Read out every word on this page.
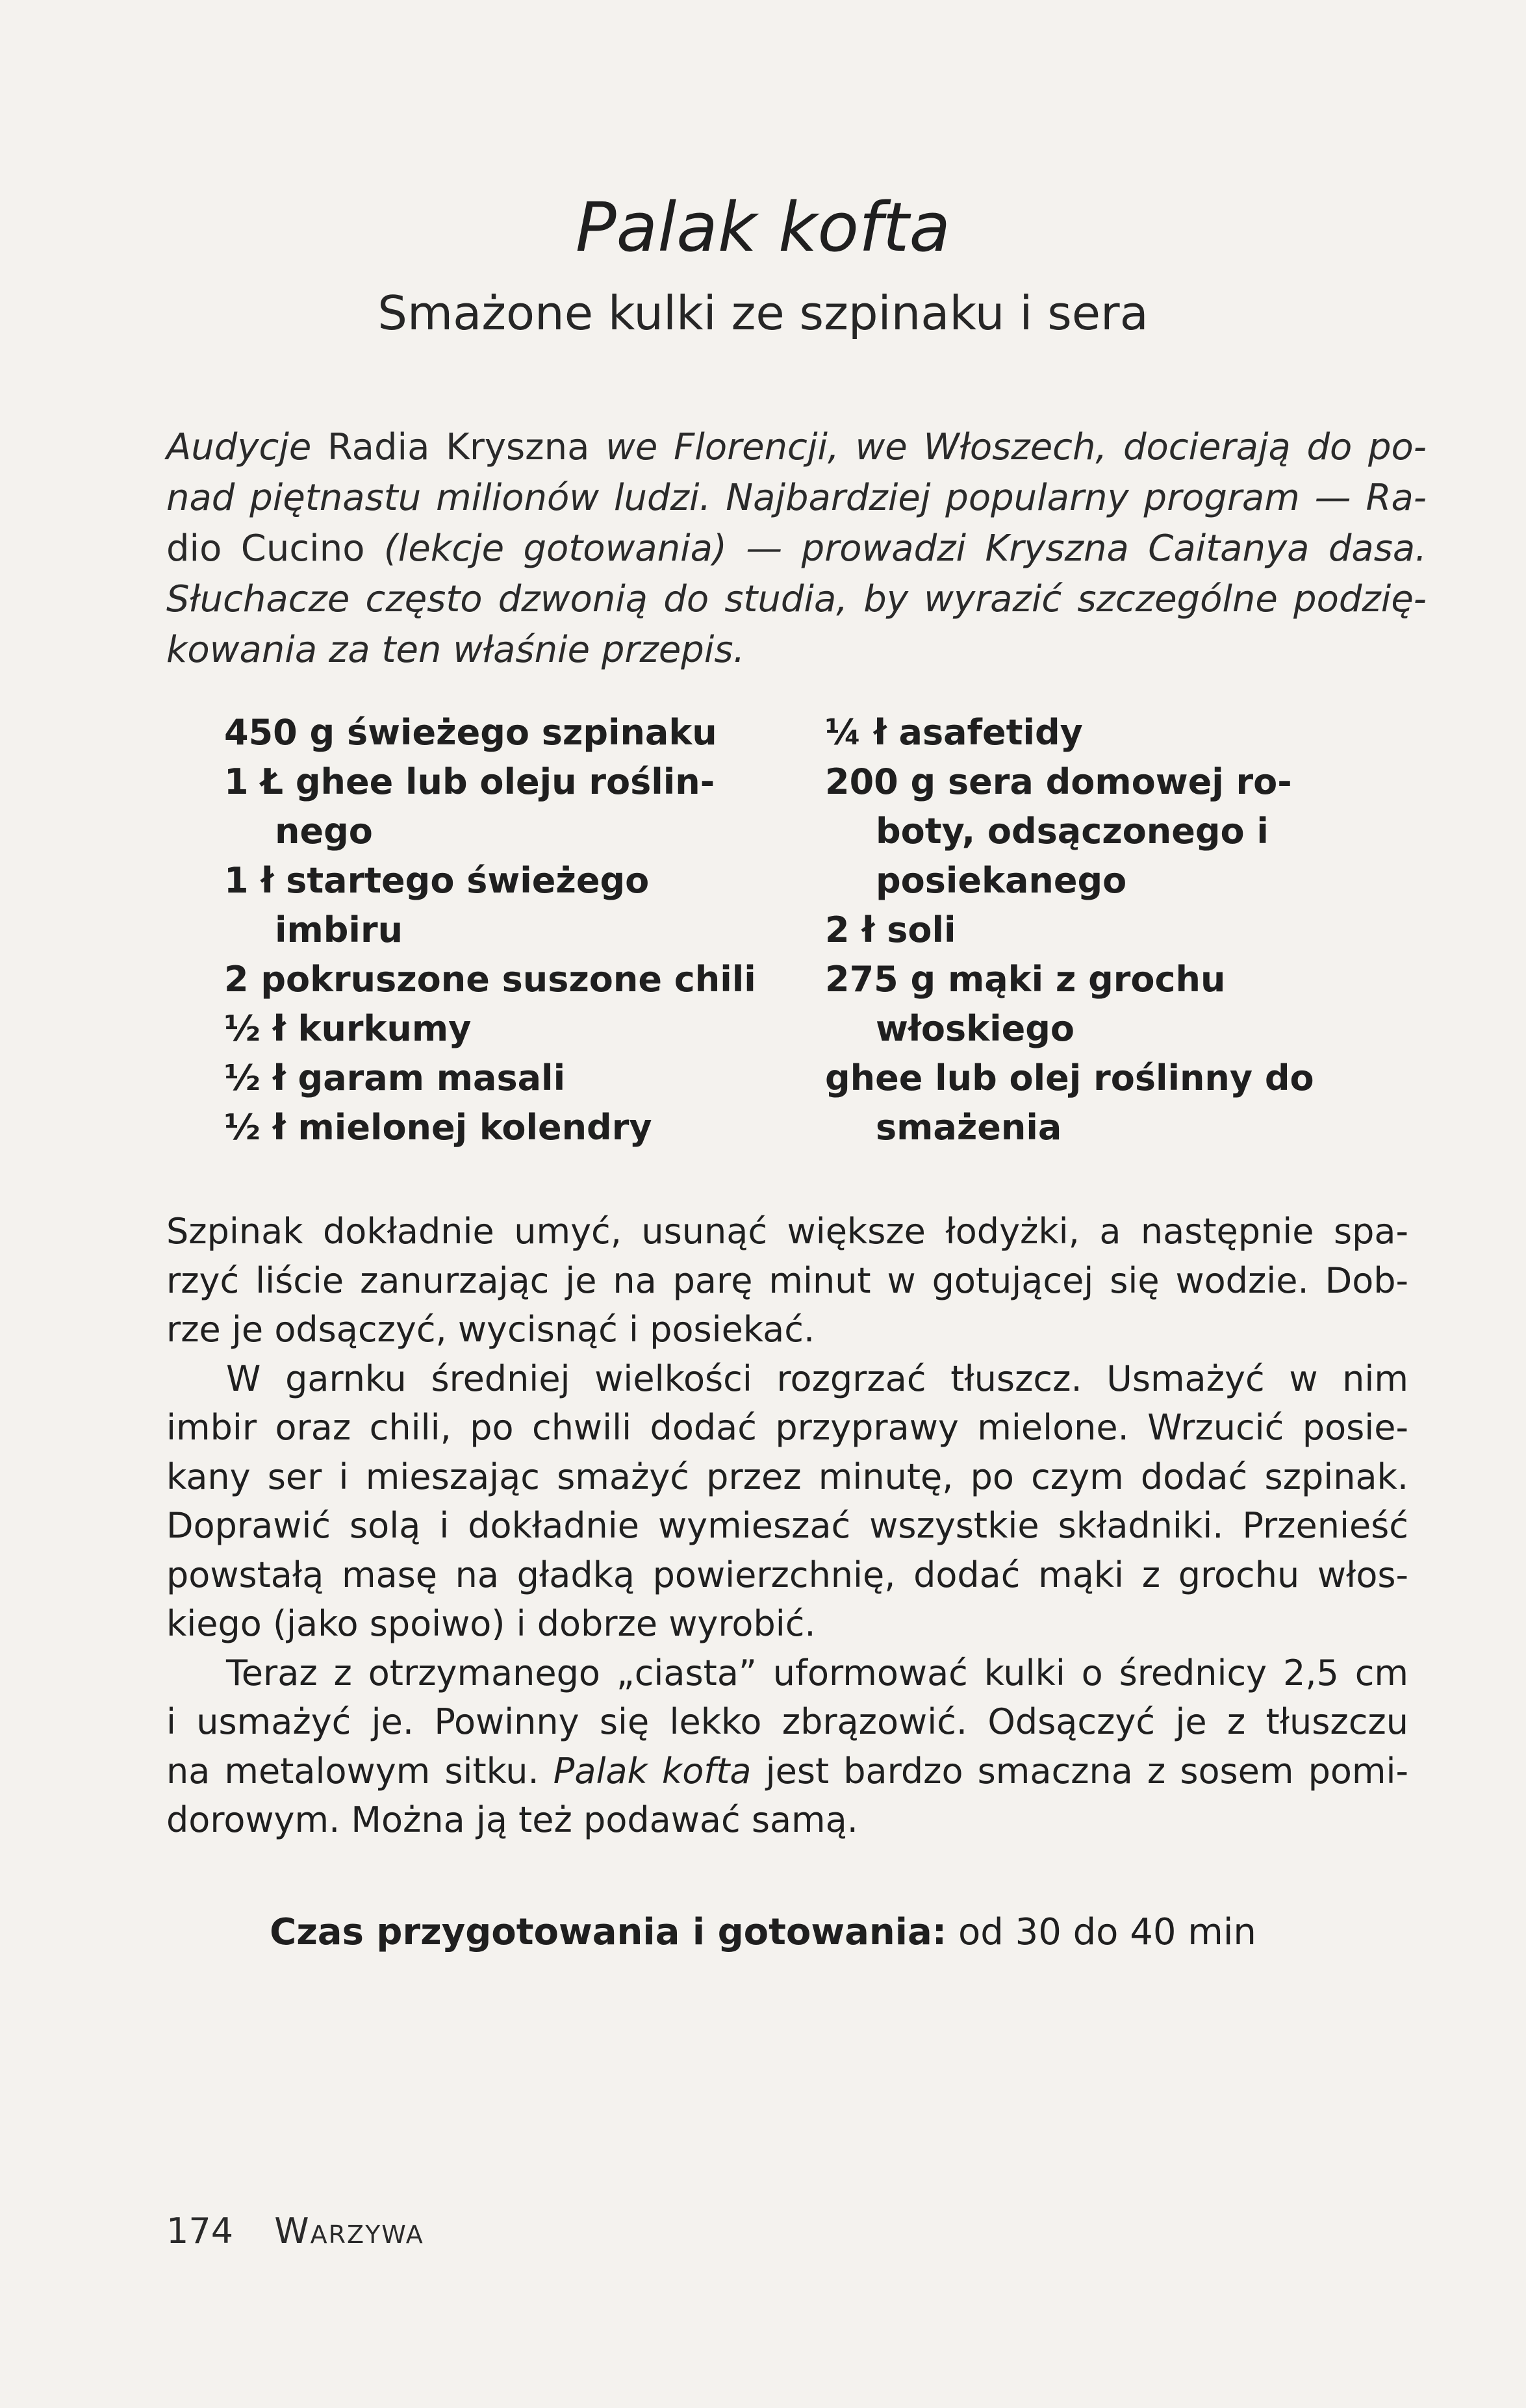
Palak kofta
Smażone kulki ze szpinaku i sera
Audycje Radia Kryszna we Florencji, we Włoszech, docierają do po-
nad piętnastu milionów ludzi. Najbardziej popularny program — Ra-
dio Cucino (lekcje gotowania) — prowadzi Kryszna Caitanya dasa.
Słuchacze często dzwonią do studia, by wyrazić szczególne podzię-
kowania za ten właśnie przepis.
450 g świeżego szpinaku
1 Ł ghee lub oleju roślin-
nego
1 ł startego świeżego
imbiru
2 pokruszone suszone chili
½ ł kurkumy
½ ł garam masali
½ ł mielonej kolendry
¼ ł asafetidy
200 g sera domowej ro-
boty, odsączonego i
posiekanego
2 ł soli
275 g mąki z grochu
włoskiego
ghee lub olej roślinny do
smażenia
Szpinak dokładnie umyć, usunąć większe łodyżki, a następnie spa-
rzyć liście zanurzając je na parę minut w gotującej się wodzie. Dob-
rze je odsączyć, wycisnąć i posiekać.
W garnku średniej wielkości rozgrzać tłuszcz. Usmażyć w nim
imbir oraz chili, po chwili dodać przyprawy mielone. Wrzucić posie-
kany ser i mieszając smażyć przez minutę, po czym dodać szpinak.
Doprawić solą i dokładnie wymieszać wszystkie składniki. Przenieść
powstałą masę na gładką powierzchnię, dodać mąki z grochu włos-
kiego (jako spoiwo) i dobrze wyrobić.
Teraz z otrzymanego „ciasta” uformować kulki o średnicy 2,5 cm
i usmażyć je. Powinny się lekko zbrązowić. Odsączyć je z tłuszczu
na metalowym sitku. Palak kofta jest bardzo smaczna z sosem pomi-
dorowym. Można ją też podawać samą.
Czas przygotowania i gotowania: od 30 do 40 min
174 Warzywa
